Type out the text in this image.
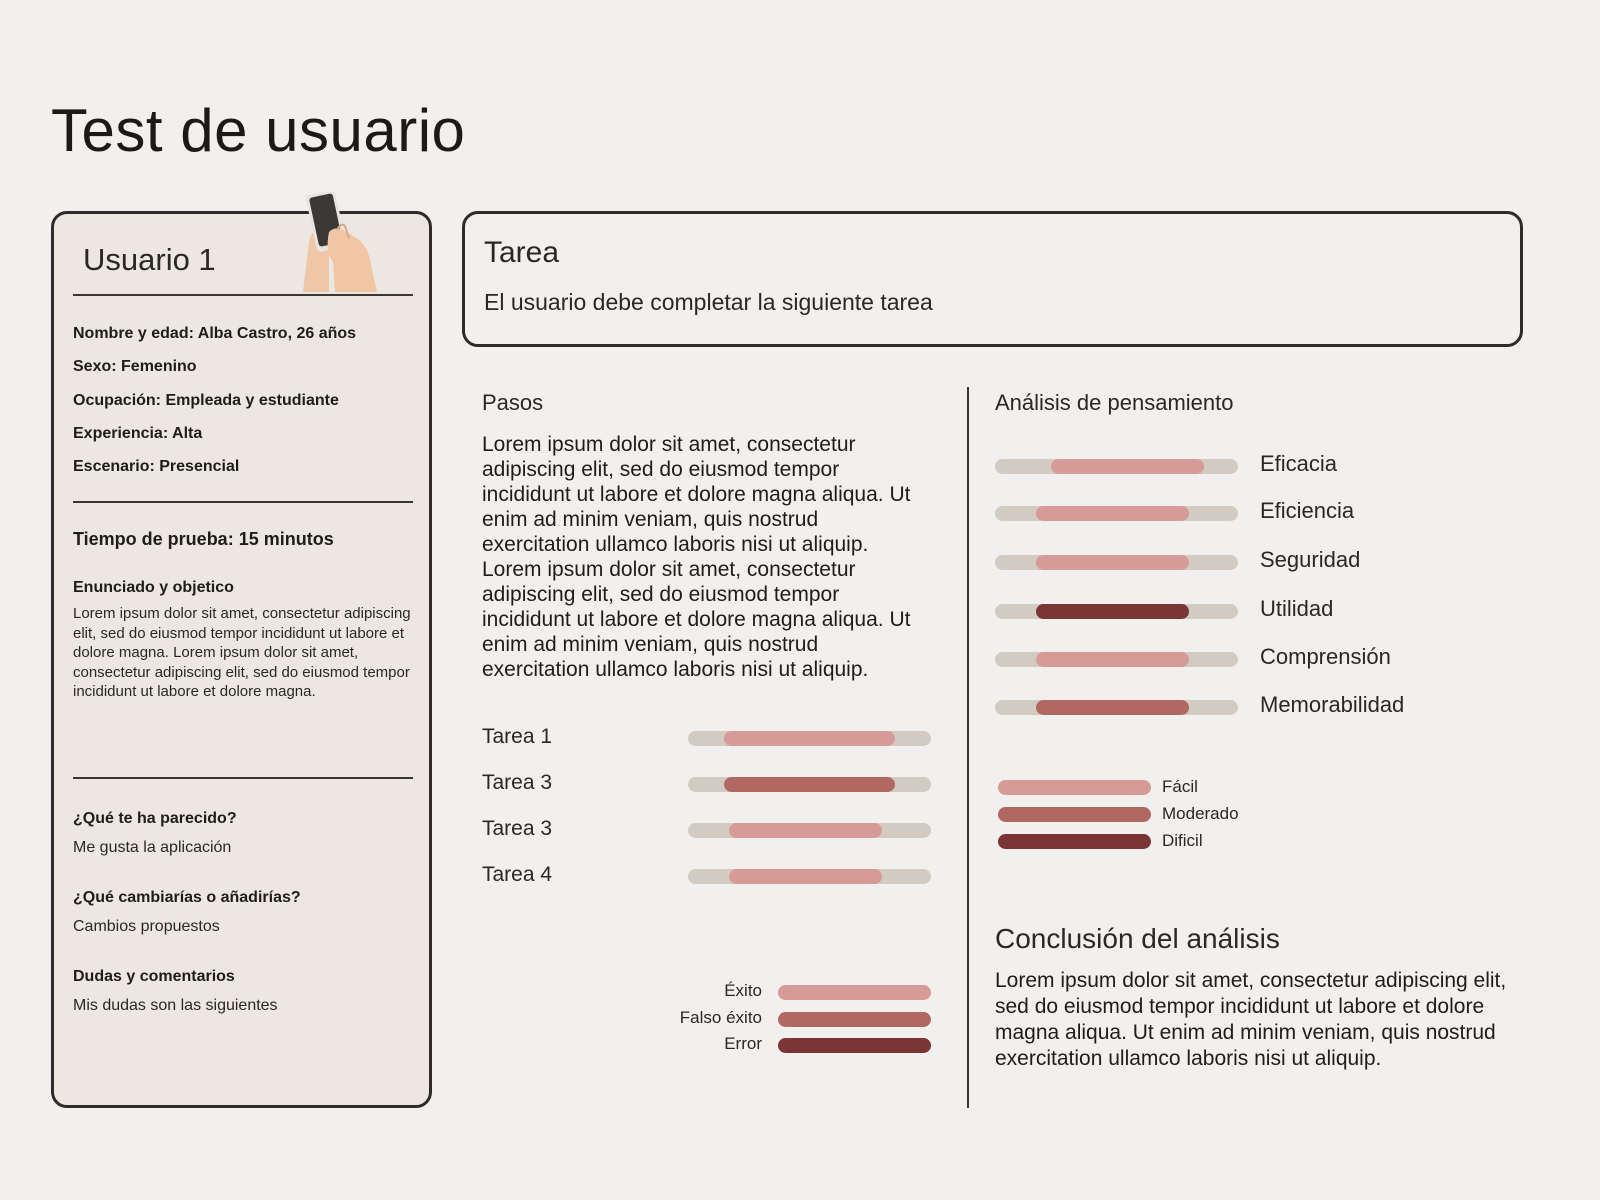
Test de usuario
Usuario 1
Nombre y edad: Alba Castro, 26 años
Sexo: Femenino
Ocupación: Empleada y estudiante
Experiencia: Alta
Escenario: Presencial
Tiempo de prueba: 15 minutos
Enunciado y objetico

Lorem ipsum dolor sit amet, consectetur adipiscing elit, sed do eiusmod tempor incididunt ut labore et dolore magna. Lorem ipsum dolor sit amet, consectetur adipiscing elit, sed do eiusmod tempor incididunt ut labore et dolore magna.

¿Qué te ha parecido?
Me gusta la aplicación
¿Qué cambiarías o añadirías?
Cambios propuestos
Dudas y comentarios
Mis dudas son las siguientes
Tarea
El usuario debe completar la siguiente tarea
Pasos

Lorem ipsum dolor sit amet, consectetur adipiscing elit, sed do eiusmod tempor incididunt ut labore et dolore magna aliqua. Ut enim ad minim veniam, quis nostrud exercitation ullamco laboris nisi ut aliquip. Lorem ipsum dolor sit amet, consectetur adipiscing elit, sed do eiusmod tempor incididunt ut labore et dolore magna aliqua. Ut enim ad minim veniam, quis nostrud exercitation ullamco laboris nisi ut aliquip.

Tarea 1
Tarea 3
Tarea 3
Tarea 4
Éxito
Falso éxito
Error
Análisis de pensamiento
Eficacia
Eficiencia
Seguridad
Utilidad
Comprensión
Memorabilidad
Fácil
Moderado
Dificil
Conclusión del análisis

Lorem ipsum dolor sit amet, consectetur adipiscing elit, sed do eiusmod tempor incididunt ut labore et dolore magna aliqua. Ut enim ad minim veniam, quis nostrud exercitation ullamco laboris nisi ut aliquip.
